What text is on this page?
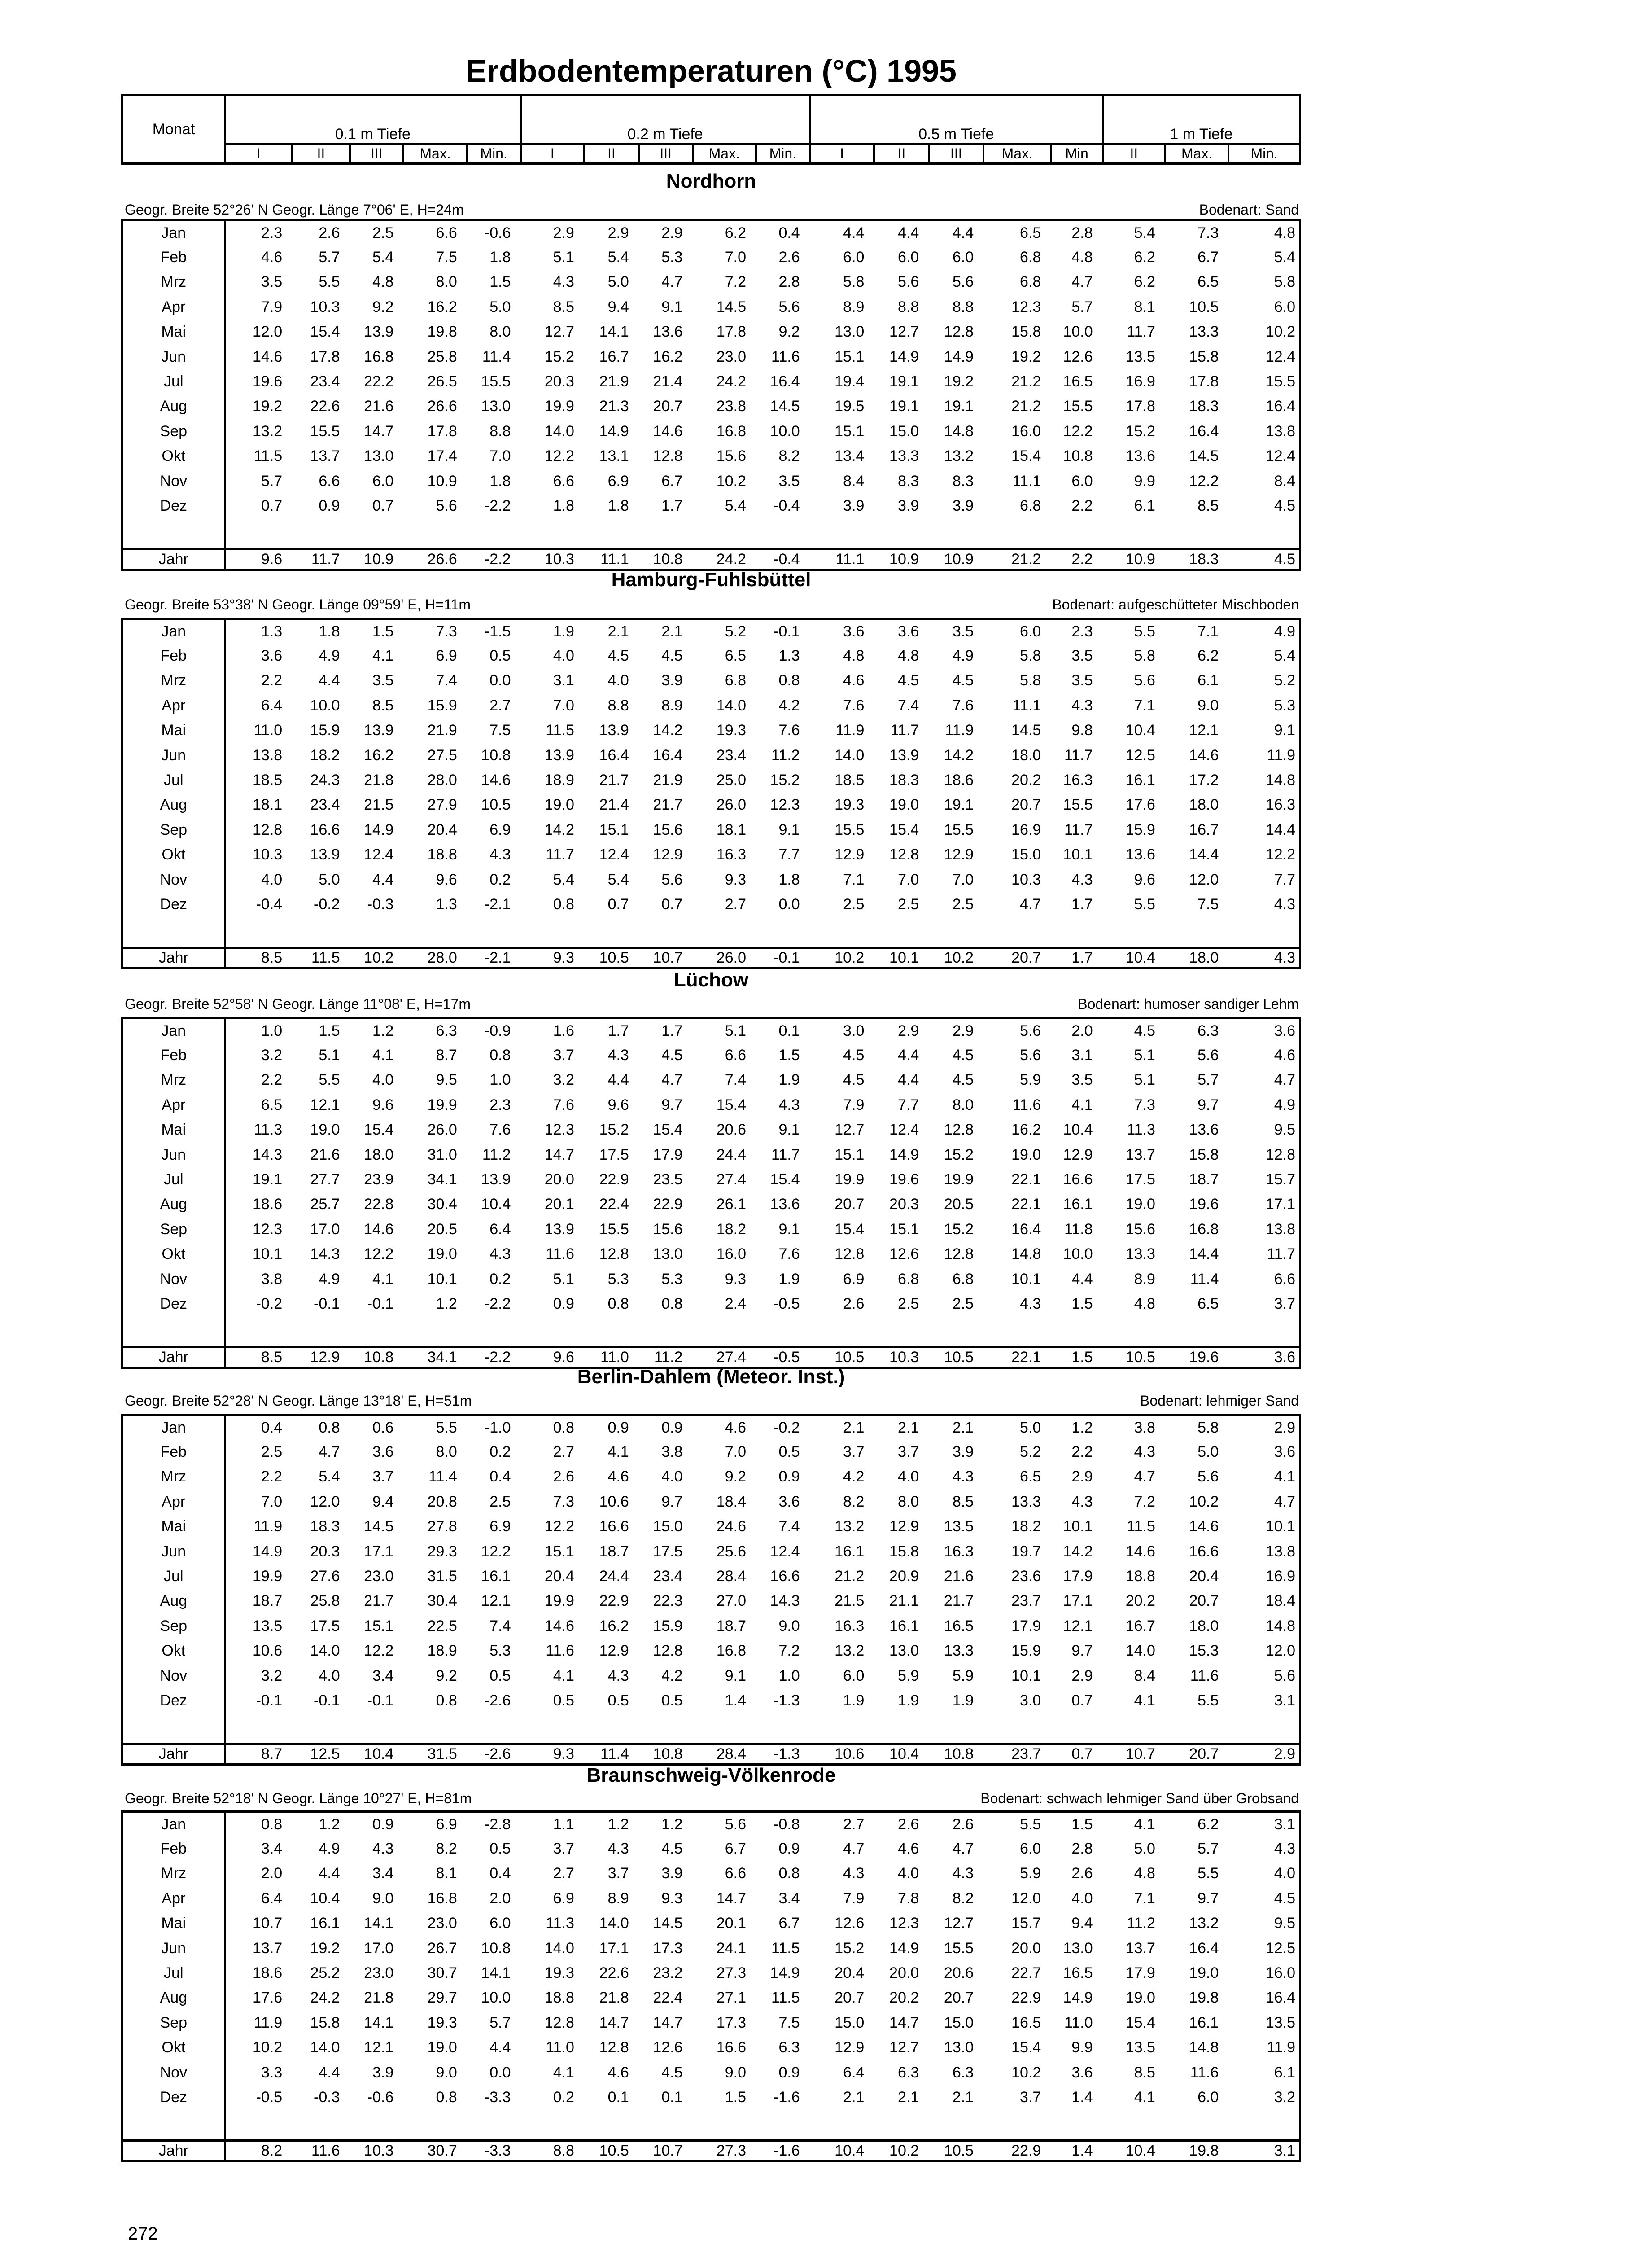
Erdbodentemperaturen (°C) 1995
Monat	0.1 m Tiefe					0.2 m Tiefe					0.5 m Tiefe					1 m Tiefe		
	I	II	III	Max.	Min.	I	II	III	Max.	Min.	I	II	III	Max.	Min	II	Max.	Min.
Nordhorn
Geogr. Breite 52°26' N Geogr. Länge 7°06' E, H=24m	Bodenart: Sand
Jan	2.3	2.6	2.5	6.6	-0.6	2.9	2.9	2.9	6.2	0.4	4.4	4.4	4.4	6.5	2.8	5.4	7.3	4.8
Feb	4.6	5.7	5.4	7.5	1.8	5.1	5.4	5.3	7.0	2.6	6.0	6.0	6.0	6.8	4.8	6.2	6.7	5.4
Mrz	3.5	5.5	4.8	8.0	1.5	4.3	5.0	4.7	7.2	2.8	5.8	5.6	5.6	6.8	4.7	6.2	6.5	5.8
Apr	7.9	10.3	9.2	16.2	5.0	8.5	9.4	9.1	14.5	5.6	8.9	8.8	8.8	12.3	5.7	8.1	10.5	6.0
Mai	12.0	15.4	13.9	19.8	8.0	12.7	14.1	13.6	17.8	9.2	13.0	12.7	12.8	15.8	10.0	11.7	13.3	10.2
Jun	14.6	17.8	16.8	25.8	11.4	15.2	16.7	16.2	23.0	11.6	15.1	14.9	14.9	19.2	12.6	13.5	15.8	12.4
Jul	19.6	23.4	22.2	26.5	15.5	20.3	21.9	21.4	24.2	16.4	19.4	19.1	19.2	21.2	16.5	16.9	17.8	15.5
Aug	19.2	22.6	21.6	26.6	13.0	19.9	21.3	20.7	23.8	14.5	19.5	19.1	19.1	21.2	15.5	17.8	18.3	16.4
Sep	13.2	15.5	14.7	17.8	8.8	14.0	14.9	14.6	16.8	10.0	15.1	15.0	14.8	16.0	12.2	15.2	16.4	13.8
Okt	11.5	13.7	13.0	17.4	7.0	12.2	13.1	12.8	15.6	8.2	13.4	13.3	13.2	15.4	10.8	13.6	14.5	12.4
Nov	5.7	6.6	6.0	10.9	1.8	6.6	6.9	6.7	10.2	3.5	8.4	8.3	8.3	11.1	6.0	9.9	12.2	8.4
Dez	0.7	0.9	0.7	5.6	-2.2	1.8	1.8	1.7	5.4	-0.4	3.9	3.9	3.9	6.8	2.2	6.1	8.5	4.5

Jahr	9.6	11.7	10.9	26.6	-2.2	10.3	11.1	10.8	24.2	-0.4	11.1	10.9	10.9	21.2	2.2	10.9	18.3	4.5
Hamburg-Fuhlsbüttel
Geogr. Breite 53°38' N Geogr. Länge 09°59' E, H=11m	Bodenart: aufgeschütteter Mischboden
Jan	1.3	1.8	1.5	7.3	-1.5	1.9	2.1	2.1	5.2	-0.1	3.6	3.6	3.5	6.0	2.3	5.5	7.1	4.9
Feb	3.6	4.9	4.1	6.9	0.5	4.0	4.5	4.5	6.5	1.3	4.8	4.8	4.9	5.8	3.5	5.8	6.2	5.4
Mrz	2.2	4.4	3.5	7.4	0.0	3.1	4.0	3.9	6.8	0.8	4.6	4.5	4.5	5.8	3.5	5.6	6.1	5.2
Apr	6.4	10.0	8.5	15.9	2.7	7.0	8.8	8.9	14.0	4.2	7.6	7.4	7.6	11.1	4.3	7.1	9.0	5.3
Mai	11.0	15.9	13.9	21.9	7.5	11.5	13.9	14.2	19.3	7.6	11.9	11.7	11.9	14.5	9.8	10.4	12.1	9.1
Jun	13.8	18.2	16.2	27.5	10.8	13.9	16.4	16.4	23.4	11.2	14.0	13.9	14.2	18.0	11.7	12.5	14.6	11.9
Jul	18.5	24.3	21.8	28.0	14.6	18.9	21.7	21.9	25.0	15.2	18.5	18.3	18.6	20.2	16.3	16.1	17.2	14.8
Aug	18.1	23.4	21.5	27.9	10.5	19.0	21.4	21.7	26.0	12.3	19.3	19.0	19.1	20.7	15.5	17.6	18.0	16.3
Sep	12.8	16.6	14.9	20.4	6.9	14.2	15.1	15.6	18.1	9.1	15.5	15.4	15.5	16.9	11.7	15.9	16.7	14.4
Okt	10.3	13.9	12.4	18.8	4.3	11.7	12.4	12.9	16.3	7.7	12.9	12.8	12.9	15.0	10.1	13.6	14.4	12.2
Nov	4.0	5.0	4.4	9.6	0.2	5.4	5.4	5.6	9.3	1.8	7.1	7.0	7.0	10.3	4.3	9.6	12.0	7.7
Dez	-0.4	-0.2	-0.3	1.3	-2.1	0.8	0.7	0.7	2.7	0.0	2.5	2.5	2.5	4.7	1.7	5.5	7.5	4.3

Jahr	8.5	11.5	10.2	28.0	-2.1	9.3	10.5	10.7	26.0	-0.1	10.2	10.1	10.2	20.7	1.7	10.4	18.0	4.3
Lüchow
Geogr. Breite 52°58' N Geogr. Länge 11°08' E, H=17m	Bodenart: humoser sandiger Lehm
Jan	1.0	1.5	1.2	6.3	-0.9	1.6	1.7	1.7	5.1	0.1	3.0	2.9	2.9	5.6	2.0	4.5	6.3	3.6
Feb	3.2	5.1	4.1	8.7	0.8	3.7	4.3	4.5	6.6	1.5	4.5	4.4	4.5	5.6	3.1	5.1	5.6	4.6
Mrz	2.2	5.5	4.0	9.5	1.0	3.2	4.4	4.7	7.4	1.9	4.5	4.4	4.5	5.9	3.5	5.1	5.7	4.7
Apr	6.5	12.1	9.6	19.9	2.3	7.6	9.6	9.7	15.4	4.3	7.9	7.7	8.0	11.6	4.1	7.3	9.7	4.9
Mai	11.3	19.0	15.4	26.0	7.6	12.3	15.2	15.4	20.6	9.1	12.7	12.4	12.8	16.2	10.4	11.3	13.6	9.5
Jun	14.3	21.6	18.0	31.0	11.2	14.7	17.5	17.9	24.4	11.7	15.1	14.9	15.2	19.0	12.9	13.7	15.8	12.8
Jul	19.1	27.7	23.9	34.1	13.9	20.0	22.9	23.5	27.4	15.4	19.9	19.6	19.9	22.1	16.6	17.5	18.7	15.7
Aug	18.6	25.7	22.8	30.4	10.4	20.1	22.4	22.9	26.1	13.6	20.7	20.3	20.5	22.1	16.1	19.0	19.6	17.1
Sep	12.3	17.0	14.6	20.5	6.4	13.9	15.5	15.6	18.2	9.1	15.4	15.1	15.2	16.4	11.8	15.6	16.8	13.8
Okt	10.1	14.3	12.2	19.0	4.3	11.6	12.8	13.0	16.0	7.6	12.8	12.6	12.8	14.8	10.0	13.3	14.4	11.7
Nov	3.8	4.9	4.1	10.1	0.2	5.1	5.3	5.3	9.3	1.9	6.9	6.8	6.8	10.1	4.4	8.9	11.4	6.6
Dez	-0.2	-0.1	-0.1	1.2	-2.2	0.9	0.8	0.8	2.4	-0.5	2.6	2.5	2.5	4.3	1.5	4.8	6.5	3.7

Jahr	8.5	12.9	10.8	34.1	-2.2	9.6	11.0	11.2	27.4	-0.5	10.5	10.3	10.5	22.1	1.5	10.5	19.6	3.6
Berlin-Dahlem (Meteor. Inst.)
Geogr. Breite 52°28' N Geogr. Länge 13°18' E, H=51m	Bodenart: lehmiger Sand
Jan	0.4	0.8	0.6	5.5	-1.0	0.8	0.9	0.9	4.6	-0.2	2.1	2.1	2.1	5.0	1.2	3.8	5.8	2.9
Feb	2.5	4.7	3.6	8.0	0.2	2.7	4.1	3.8	7.0	0.5	3.7	3.7	3.9	5.2	2.2	4.3	5.0	3.6
Mrz	2.2	5.4	3.7	11.4	0.4	2.6	4.6	4.0	9.2	0.9	4.2	4.0	4.3	6.5	2.9	4.7	5.6	4.1
Apr	7.0	12.0	9.4	20.8	2.5	7.3	10.6	9.7	18.4	3.6	8.2	8.0	8.5	13.3	4.3	7.2	10.2	4.7
Mai	11.9	18.3	14.5	27.8	6.9	12.2	16.6	15.0	24.6	7.4	13.2	12.9	13.5	18.2	10.1	11.5	14.6	10.1
Jun	14.9	20.3	17.1	29.3	12.2	15.1	18.7	17.5	25.6	12.4	16.1	15.8	16.3	19.7	14.2	14.6	16.6	13.8
Jul	19.9	27.6	23.0	31.5	16.1	20.4	24.4	23.4	28.4	16.6	21.2	20.9	21.6	23.6	17.9	18.8	20.4	16.9
Aug	18.7	25.8	21.7	30.4	12.1	19.9	22.9	22.3	27.0	14.3	21.5	21.1	21.7	23.7	17.1	20.2	20.7	18.4
Sep	13.5	17.5	15.1	22.5	7.4	14.6	16.2	15.9	18.7	9.0	16.3	16.1	16.5	17.9	12.1	16.7	18.0	14.8
Okt	10.6	14.0	12.2	18.9	5.3	11.6	12.9	12.8	16.8	7.2	13.2	13.0	13.3	15.9	9.7	14.0	15.3	12.0
Nov	3.2	4.0	3.4	9.2	0.5	4.1	4.3	4.2	9.1	1.0	6.0	5.9	5.9	10.1	2.9	8.4	11.6	5.6
Dez	-0.1	-0.1	-0.1	0.8	-2.6	0.5	0.5	0.5	1.4	-1.3	1.9	1.9	1.9	3.0	0.7	4.1	5.5	3.1

Jahr	8.7	12.5	10.4	31.5	-2.6	9.3	11.4	10.8	28.4	-1.3	10.6	10.4	10.8	23.7	0.7	10.7	20.7	2.9
Braunschweig-Völkenrode
Geogr. Breite 52°18' N Geogr. Länge 10°27' E, H=81m	Bodenart: schwach lehmiger Sand über Grobsand
Jan	0.8	1.2	0.9	6.9	-2.8	1.1	1.2	1.2	5.6	-0.8	2.7	2.6	2.6	5.5	1.5	4.1	6.2	3.1
Feb	3.4	4.9	4.3	8.2	0.5	3.7	4.3	4.5	6.7	0.9	4.7	4.6	4.7	6.0	2.8	5.0	5.7	4.3
Mrz	2.0	4.4	3.4	8.1	0.4	2.7	3.7	3.9	6.6	0.8	4.3	4.0	4.3	5.9	2.6	4.8	5.5	4.0
Apr	6.4	10.4	9.0	16.8	2.0	6.9	8.9	9.3	14.7	3.4	7.9	7.8	8.2	12.0	4.0	7.1	9.7	4.5
Mai	10.7	16.1	14.1	23.0	6.0	11.3	14.0	14.5	20.1	6.7	12.6	12.3	12.7	15.7	9.4	11.2	13.2	9.5
Jun	13.7	19.2	17.0	26.7	10.8	14.0	17.1	17.3	24.1	11.5	15.2	14.9	15.5	20.0	13.0	13.7	16.4	12.5
Jul	18.6	25.2	23.0	30.7	14.1	19.3	22.6	23.2	27.3	14.9	20.4	20.0	20.6	22.7	16.5	17.9	19.0	16.0
Aug	17.6	24.2	21.8	29.7	10.0	18.8	21.8	22.4	27.1	11.5	20.7	20.2	20.7	22.9	14.9	19.0	19.8	16.4
Sep	11.9	15.8	14.1	19.3	5.7	12.8	14.7	14.7	17.3	7.5	15.0	14.7	15.0	16.5	11.0	15.4	16.1	13.5
Okt	10.2	14.0	12.1	19.0	4.4	11.0	12.8	12.6	16.6	6.3	12.9	12.7	13.0	15.4	9.9	13.5	14.8	11.9
Nov	3.3	4.4	3.9	9.0	0.0	4.1	4.6	4.5	9.0	0.9	6.4	6.3	6.3	10.2	3.6	8.5	11.6	6.1
Dez	-0.5	-0.3	-0.6	0.8	-3.3	0.2	0.1	0.1	1.5	-1.6	2.1	2.1	2.1	3.7	1.4	4.1	6.0	3.2

Jahr	8.2	11.6	10.3	30.7	-3.3	8.8	10.5	10.7	27.3	-1.6	10.4	10.2	10.5	22.9	1.4	10.4	19.8	3.1
272
